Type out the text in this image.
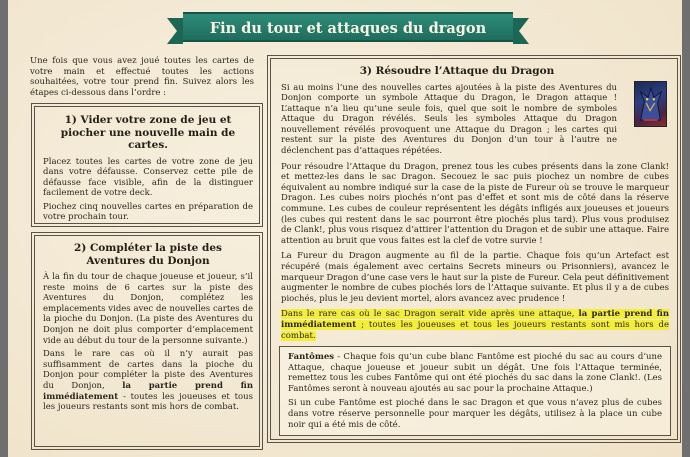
Fin du tour et attaques du dragon
Une fois que vous avez joué toutes les cartes de votre main et effectué toutes les actions souhaitées, votre tour prend fin. Suivez alors les étapes ci-dessous dans l’ordre :
1) Vider votre zone de jeu et piocher une nouvelle main de cartes.

Placez toutes les cartes de votre zone de jeu dans votre défausse. Conservez cette pile de défausse face visible, afin de la distinguer facilement de votre deck.

Piochez cinq nouvelles cartes en préparation de votre prochain tour.

2) Compléter la piste des Aventures du Donjon

À la fin du tour de chaque joueuse et joueur, s’il reste moins de 6 cartes sur la piste des Aventures du Donjon, complétez les emplacements vides avec de nouvelles cartes de la pioche du Donjon. (La piste des Aventures du Donjon ne doit plus comporter d’emplacement vide au début du tour de la personne suivante.)

Dans le rare cas où il n’y aurait pas suffisamment de cartes dans la pioche du Donjon pour compléter la piste des Aventures du Donjon, la partie prend fin immédiatement - toutes les joueuses et tous les joueurs restants sont mis hors de combat.

3) Résoudre l’Attaque du Dragon

Si au moins l’une des nouvelles cartes ajoutées à la piste des Aventures du Donjon comporte un symbole Attaque du Dragon, le Dragon attaque ! L’attaque n’a lieu qu’une seule fois, quel que soit le nombre de symboles Attaque du Dragon révélés. Seuls les symboles Attaque du Dragon nouvellement révélés provoquent une Attaque du Dragon ; les cartes qui restent sur la piste des Aventures du Donjon d’un tour à l’autre ne déclenchent pas d’attaques répétées.

Pour résoudre l’Attaque du Dragon, prenez tous les cubes présents dans la zone Clank! et mettez-les dans le sac Dragon. Secouez le sac puis piochez un nombre de cubes équivalent au nombre indiqué sur la case de la piste de Fureur où se trouve le marqueur Dragon. Les cubes noirs piochés n’ont pas d’effet et sont mis de côté dans la réserve commune. Les cubes de couleur représentent les dégâts infligés aux joueuses et joueurs (les cubes qui restent dans le sac pourront être piochés plus tard). Plus vous produisez de Clank!, plus vous risquez d’attirer l’attention du Dragon et de subir une attaque. Faire attention au bruit que vous faites est la clef de votre survie !

La Fureur du Dragon augmente au fil de la partie. Chaque fois qu’un Artefact est récupéré (mais également avec certains Secrets mineurs ou Prisonniers), avancez le marqueur Dragon d’une case vers le haut sur la piste de Fureur. Cela peut définitivement augmenter le nombre de cubes piochés lors de l’Attaque suivante. Et plus il y a de cubes piochés, plus le jeu devient mortel, alors avancez avec prudence !

Dans le rare cas où le sac Dragon serait vide après une attaque, la partie prend fin immédiatement ; toutes les joueuses et tous les joueurs restants sont mis hors de combat.

Fantômes - Chaque fois qu’un cube blanc Fantôme est pioché du sac au cours d’une Attaque, chaque joueuse et joueur subit un dégât. Une fois l’Attaque terminée, remettez tous les cubes Fantôme qui ont été piochés du sac dans la zone Clank!. (Les Fantômes seront à nouveau ajoutés au sac pour la prochaine Attaque.)

Si un cube Fantôme est pioché dans le sac Dragon et que vous n’avez plus de cubes dans votre réserve personnelle pour marquer les dégâts, utilisez à la place un cube noir qui a été mis de côté.
